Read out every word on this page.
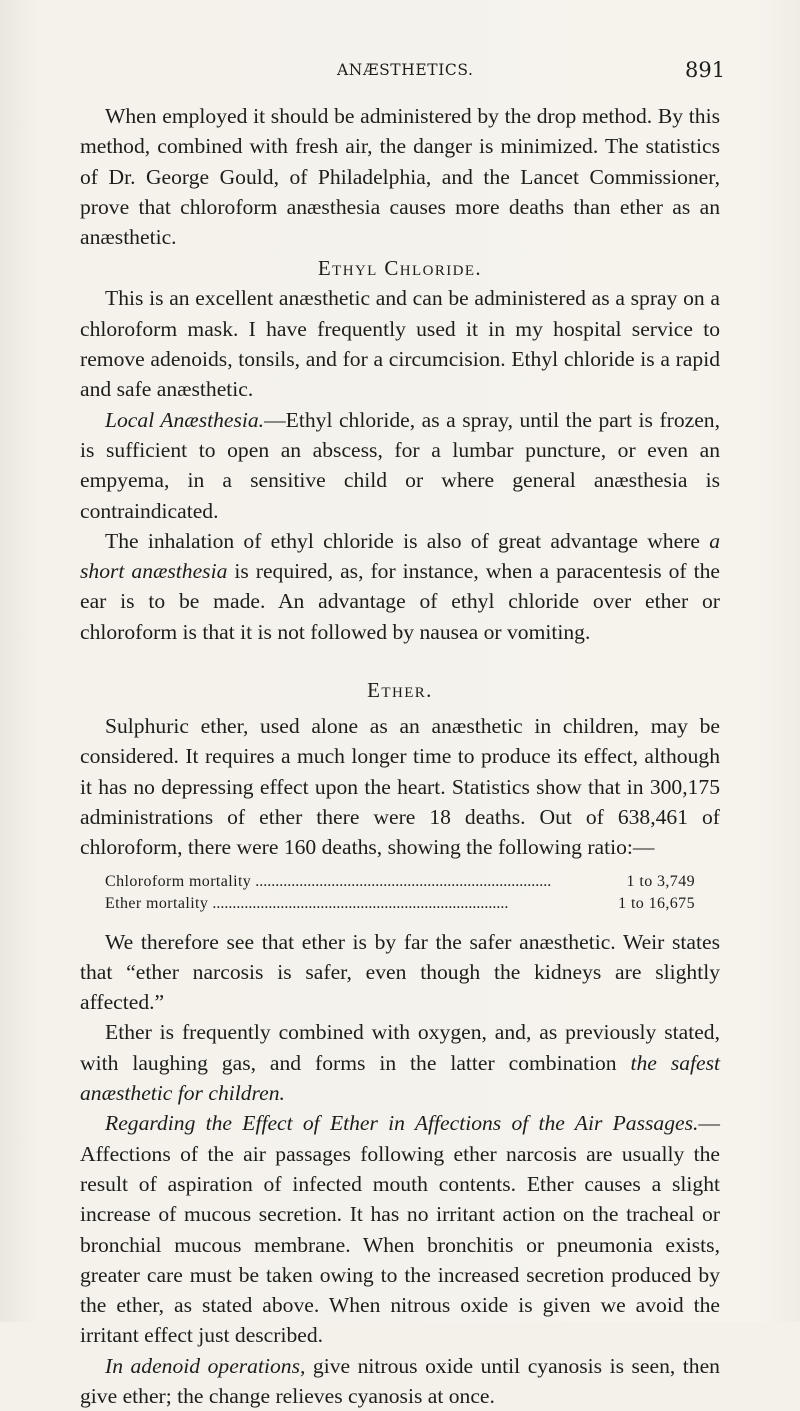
ANÆSTHETICS.	891

When employed it should be administered by the drop method. By this method, combined with fresh air, the danger is minimized. The statistics of Dr. George Gould, of Philadelphia, and the Lancet Commissioner, prove that chloroform anæsthesia causes more deaths than ether as an anæsthetic.

Ethyl Chloride.

This is an excellent anæsthetic and can be administered as a spray on a chloroform mask. I have frequently used it in my hospital service to remove adenoids, tonsils, and for a circumcision. Ethyl chloride is a rapid and safe anæsthetic.

Local Anæsthesia.—Ethyl chloride, as a spray, until the part is frozen, is sufficient to open an abscess, for a lumbar puncture, or even an empyema, in a sensitive child or where general anæsthesia is contraindicated.

The inhalation of ethyl chloride is also of great advantage where a short anæsthesia is required, as, for instance, when a paracentesis of the ear is to be made. An advantage of ethyl chloride over ether or chloroform is that it is not followed by nausea or vomiting.

Ether.

Sulphuric ether, used alone as an anæsthetic in children, may be considered. It requires a much longer time to produce its effect, although it has no depressing effect upon the heart. Statistics show that in 300,175 administrations of ether there were 18 deaths. Out of 638,461 of chloroform, there were 160 deaths, showing the following ratio:—

Chloroform mortality . . .	1 to 3,749
Ether mortality . . .	1 to 16,675

We therefore see that ether is by far the safer anæsthetic. Weir states that “ether narcosis is safer, even though the kidneys are slightly affected.”

Ether is frequently combined with oxygen, and, as previously stated, with laughing gas, and forms in the latter combination the safest anæsthetic for children.

Regarding the Effect of Ether in Affections of the Air Passages.—Affections of the air passages following ether narcosis are usually the result of aspiration of infected mouth contents. Ether causes a slight increase of mucous secretion. It has no irritant action on the tracheal or bronchial mucous membrane. When bronchitis or pneumonia exists, greater care must be taken owing to the increased secretion produced by the ether, as stated above. When nitrous oxide is given we avoid the irritant effect just described.

In adenoid operations, give nitrous oxide until cyanosis is seen, then give ether; the change relieves cyanosis at once.
